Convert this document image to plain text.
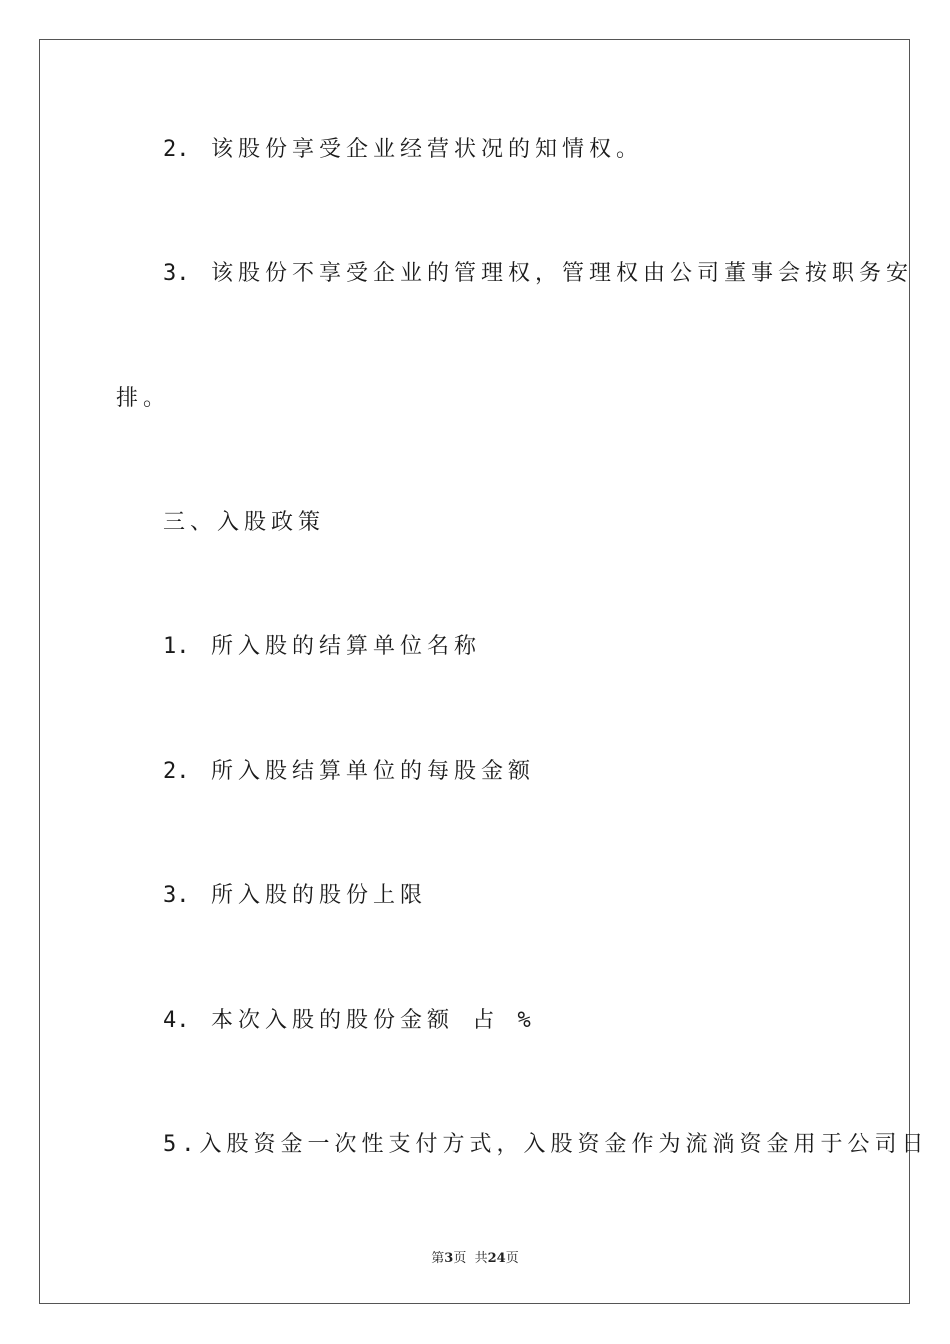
2. 该股份享受企业经营状况的知情权。
3. 该股份不享受企业的管理权，管理权由公司董事会按职务安
排。
三、入股政策
1. 所入股的结算单位名称
2. 所入股结算单位的每股金额
3. 所入股的股份上限
4. 本次入股的股份金额 占 %
5.入股资金一次性支付方式，入股资金作为流淌资金用于公司日
第3页  共24页
